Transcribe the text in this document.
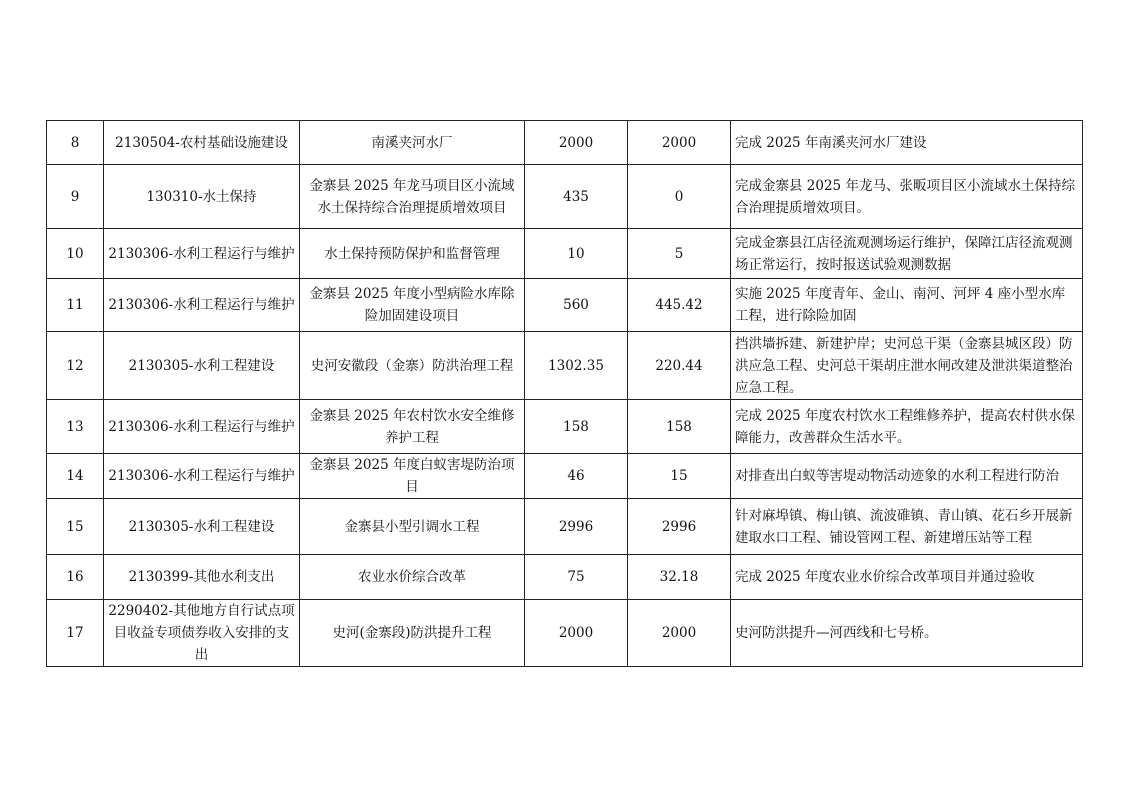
8	2130504-农村基础设施建设	南溪夹河水厂	2000	2000	完成 2025 年南溪夹河水厂建设
9	130310-水土保持	金寨县 2025 年龙马项目区小流域水土保持综合治理提质增效项目	435	0	完成金寨县 2025 年龙马、张畈项目区小流域水土保持综合治理提质增效项目。
10	2130306-水利工程运行与维护	水土保持预防保护和监督管理	10	5	完成金寨县江店径流观测场运行维护，保障江店径流观测场正常运行，按时报送试验观测数据
11	2130306-水利工程运行与维护	金寨县 2025 年度小型病险水库除险加固建设项目	560	445.42	实施 2025 年度青年、金山、南河、河坪 4 座小型水库工程，进行除险加固
12	2130305-水利工程建设	史河安徽段（金寨）防洪治理工程	1302.35	220.44	挡洪墙拆建、新建护岸；史河总干渠（金寨县城区段）防洪应急工程、史河总干渠胡庄泄水闸改建及泄洪渠道整治应急工程。
13	2130306-水利工程运行与维护	金寨县 2025 年农村饮水安全维修养护工程	158	158	完成 2025 年度农村饮水工程维修养护，提高农村供水保障能力，改善群众生活水平。
14	2130306-水利工程运行与维护	金寨县 2025 年度白蚁害堤防治项目	46	15	对排查出白蚁等害堤动物活动迹象的水利工程进行防治
15	2130305-水利工程建设	金寨县小型引调水工程	2996	2996	针对麻埠镇、梅山镇、流波碓镇、青山镇、花石乡开展新建取水口工程、铺设管网工程、新建增压站等工程

16	2130399-其他水利支出	农业水价综合改革	75	32.18	完成 2025 年度农业水价综合改革项目并通过验收
17	2290402-其他地方自行试点项目收益专项债券收入安排的支出	史河(金寨段)防洪提升工程	2000	2000	史河防洪提升—河西线和七号桥。
